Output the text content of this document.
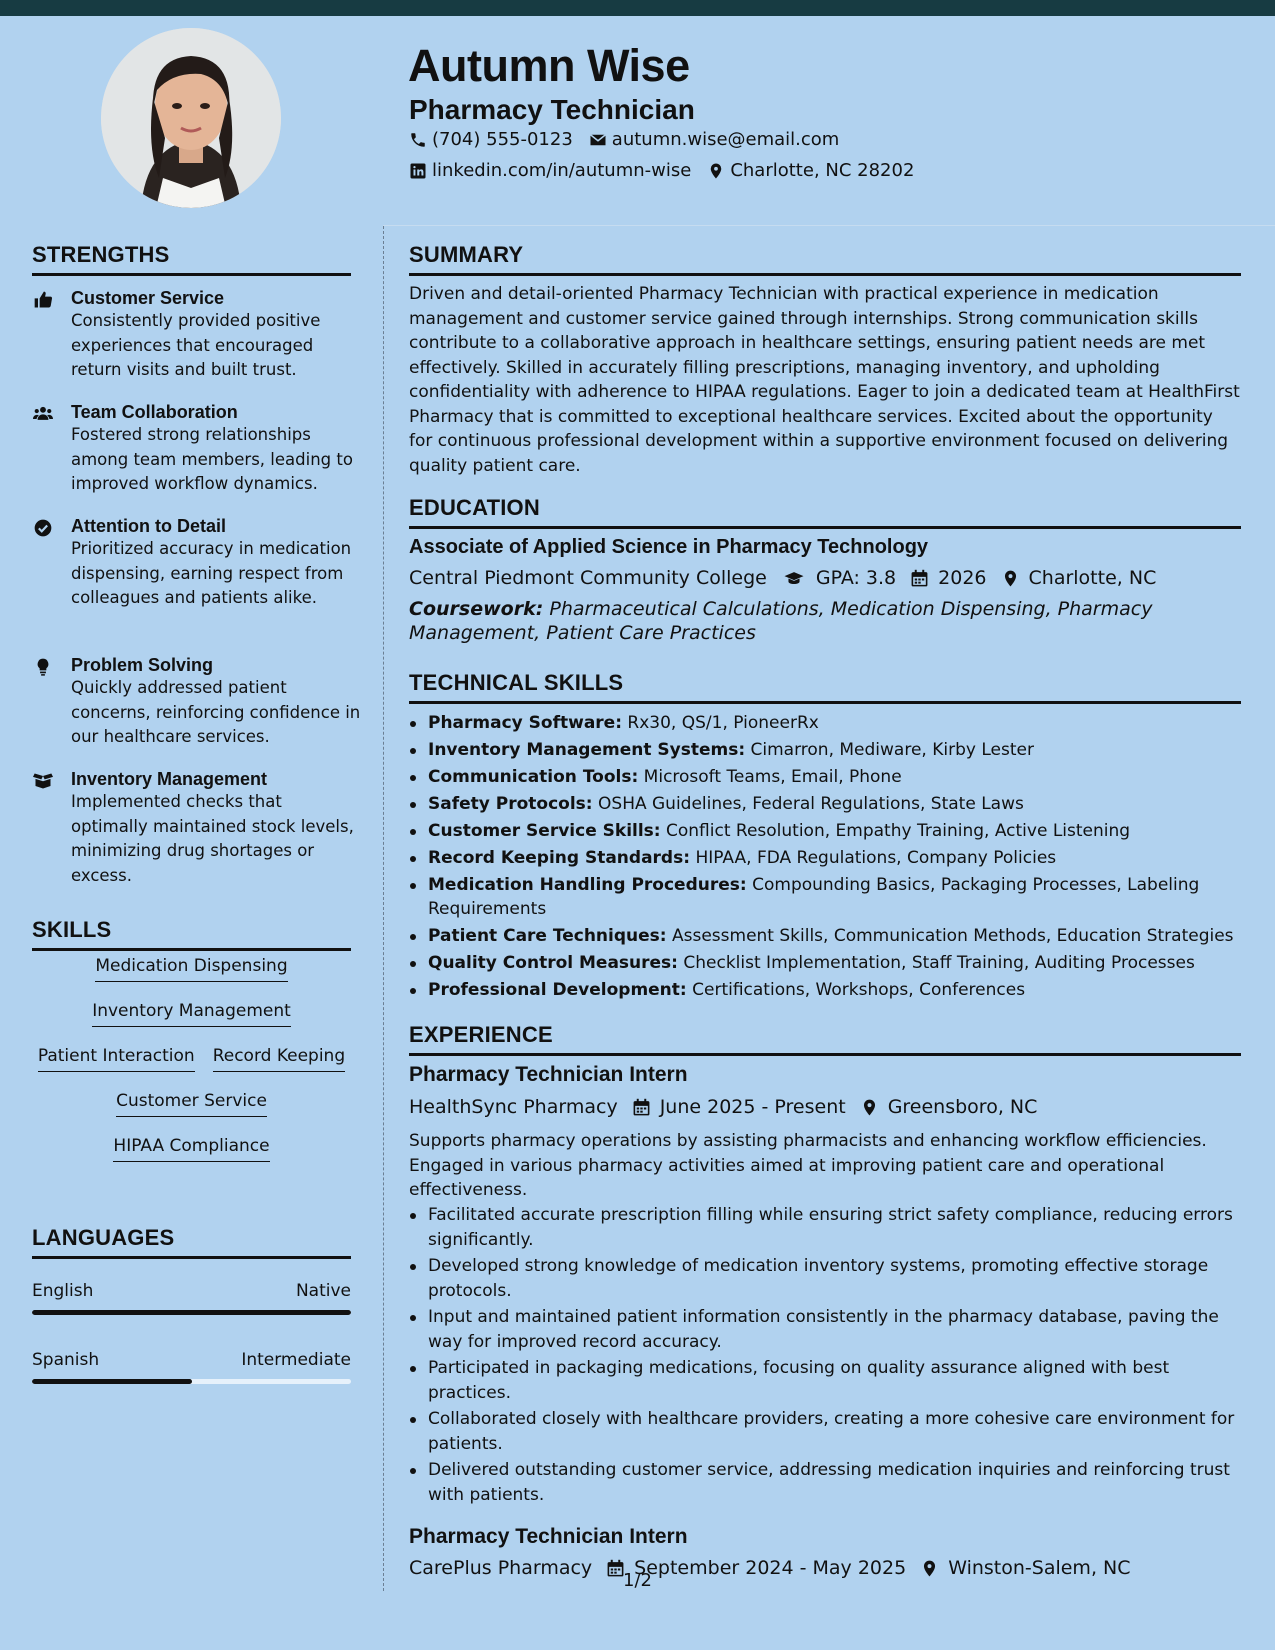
Autumn Wise
Pharmacy Technician
(704) 555-0123 autumn.wise@email.com
linkedin.com/in/autumn-wise Charlotte, NC 28202
STRENGTHS
Customer Service
Consistently provided positive experiences that encouraged return visits and built trust.
Team Collaboration
Fostered strong relationships among team members, leading to improved workflow dynamics.
Attention to Detail
Prioritized accuracy in medication dispensing, earning respect from colleagues and patients alike.
Problem Solving
Quickly addressed patient concerns, reinforcing confidence in our healthcare services.
Inventory Management
Implemented checks that optimally maintained stock levels, minimizing drug shortages or excess.
SKILLS
Medication Dispensing
Inventory Management
Patient Interaction Record Keeping
Customer Service
HIPAA Compliance
LANGUAGES
English	Native
Spanish	Intermediate
SUMMARY

Driven and detail-oriented Pharmacy Technician with practical experience in medication management and customer service gained through internships. Strong communication skills contribute to a collaborative approach in healthcare settings, ensuring patient needs are met effectively. Skilled in accurately filling prescriptions, managing inventory, and upholding confidentiality with adherence to HIPAA regulations. Eager to join a dedicated team at HealthFirst Pharmacy that is committed to exceptional healthcare services. Excited about the opportunity for continuous professional development within a supportive environment focused on delivering quality patient care.

EDUCATION

Associate of Applied Science in Pharmacy Technology

Central Piedmont Community College	GPA: 3.8 2026 Charlotte, NC
Coursework: Pharmaceutical Calculations, Medication Dispensing, Pharmacy Management, Patient Care Practices
TECHNICAL SKILLS
Pharmacy Software: Rx30, QS/1, PioneerRx
Inventory Management Systems: Cimarron, Mediware, Kirby Lester
Communication Tools: Microsoft Teams, Email, Phone
Safety Protocols: OSHA Guidelines, Federal Regulations, State Laws
Customer Service Skills: Conflict Resolution, Empathy Training, Active Listening
Record Keeping Standards: HIPAA, FDA Regulations, Company Policies
Medication Handling Procedures: Compounding Basics, Packaging Processes, Labeling Requirements
Patient Care Techniques: Assessment Skills, Communication Methods, Education Strategies
Quality Control Measures: Checklist Implementation, Staff Training, Auditing Processes
Professional Development: Certifications, Workshops, Conferences
EXPERIENCE

Pharmacy Technician Intern

HealthSync Pharmacy June 2025 - Present Greensboro, NC

Supports pharmacy operations by assisting pharmacists and enhancing workflow efficiencies. Engaged in various pharmacy activities aimed at improving patient care and operational effectiveness.

Facilitated accurate prescription filling while ensuring strict safety compliance, reducing errors significantly.
Developed strong knowledge of medication inventory systems, promoting effective storage protocols.
Input and maintained patient information consistently in the pharmacy database, paving the way for improved record accuracy.
Participated in packaging medications, focusing on quality assurance aligned with best practices.
Collaborated closely with healthcare providers, creating a more cohesive care environment for patients.
Delivered outstanding customer service, addressing medication inquiries and reinforcing trust with patients.

Pharmacy Technician Intern

CarePlus Pharmacy September 2024 - May 2025 Winston-Salem, NC
1/2
